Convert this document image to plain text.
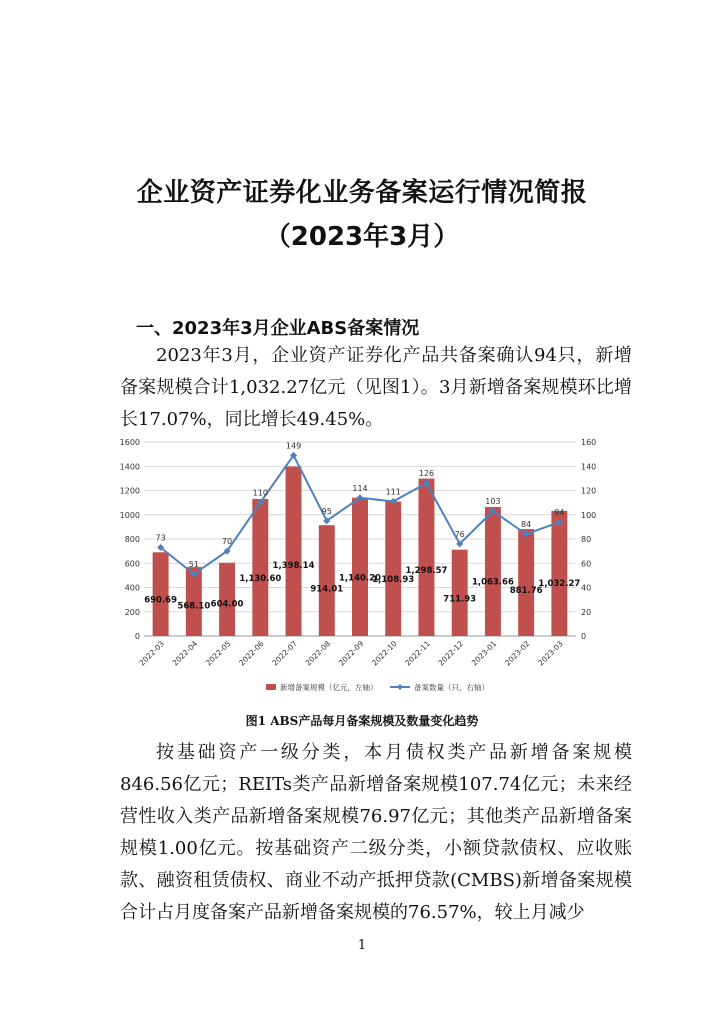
企业资产证券化业务备案运行情况简报
（2023年3月）
一、2023年3月企业ABS备案情况

2023年3月，企业资产证券化产品共备案确认94只，新增备案规模合计1,032.27亿元（见图1）。3月新增备案规模环比增长17.07%，同比增长49.45%。

0
200
400
600
800
1000
1200
1400
1600
0
20
40
60
80
100
120
140
160
690.69
568.10 604.00
1,130.60
1,398.14
914.01
1,140.20
1,108.93
1,298.57
711.93
1,063.66
881.76
1,032.27
2022-03 2022-04 2022-05 2022-06 2022-07 2022-08 2022-09 2022-10 2022-11 2022-12 2023-01 2023-02 2023-03
73
51
70
110
149
95
114 111
126
76
103
84
94
新增备案规模（亿元，左轴）	备案数量（只，右轴）
图1 ABS产品每月备案规模及数量变化趋势

按基础资产一级分类，本月债权类产品新增备案规模846.56亿元；REITs类产品新增备案规模107.74亿元；未来经营性收入类产品新增备案规模76.97亿元；其他类产品新增备案规模1.00亿元。按基础资产二级分类，小额贷款债权、应收账款、融资租赁债权、商业不动产抵押贷款(CMBS)新增备案规模合计占月度备案产品新增备案规模的76.57%，较上月减少

1
